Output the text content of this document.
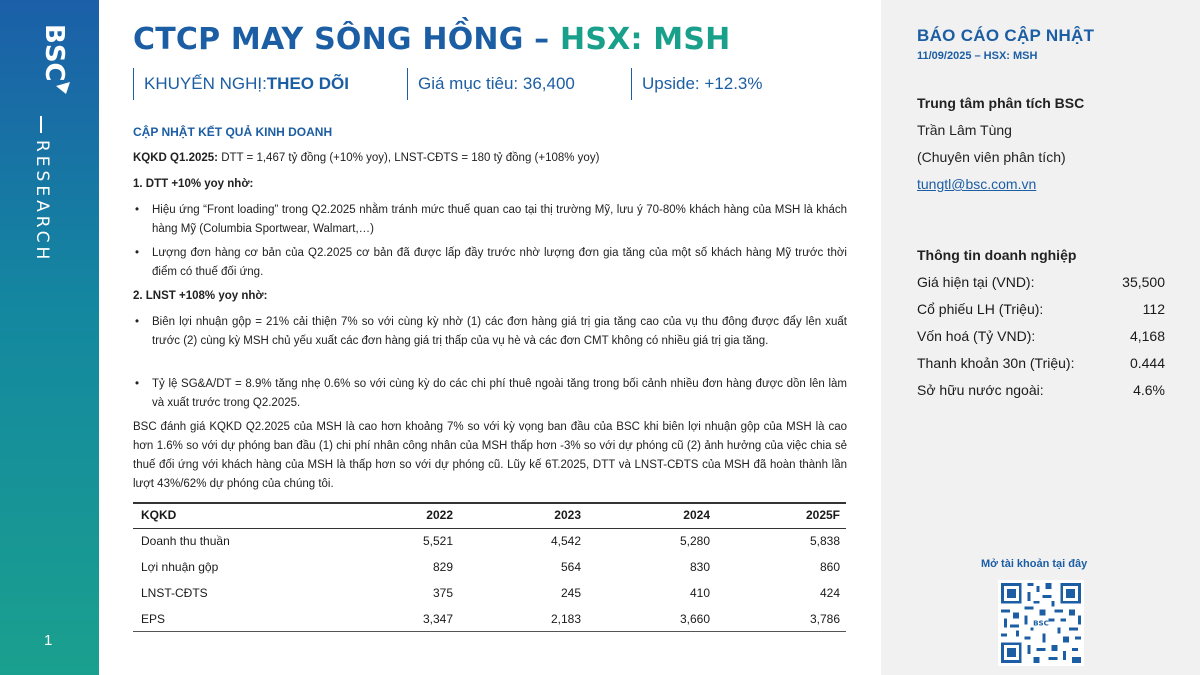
BSC
RESEARCH
1
CTCP MAY SÔNG HỒNG – HSX: MSH
KHUYẾN NGHỊ: THEO DÕI	Giá mục tiêu: 36,400	Upside: +12.3%
CẬP NHẬT KẾT QUẢ KINH DOANH
KQKD Q1.2025: DTT = 1,467 tỷ đồng (+10% yoy), LNST-CĐTS = 180 tỷ đồng (+108% yoy)
1. DTT +10% yoy nhờ:
• Hiệu ứng “Front loading” trong Q2.2025 nhằm tránh mức thuế quan cao tại thị trường Mỹ, lưu ý 70-80% khách hàng của MSH là khách hàng Mỹ (Columbia Sportwear, Walmart,…)
• Lượng đơn hàng cơ bản của Q2.2025 cơ bản đã được lấp đầy trước nhờ lượng đơn gia tăng của một số khách hàng Mỹ trước thời điểm có thuế đối ứng.
2. LNST +108% yoy nhờ:
• Biên lợi nhuận gộp = 21% cải thiện 7% so với cùng kỳ nhờ (1) các đơn hàng giá trị gia tăng cao của vụ thu đông được đẩy lên xuất trước (2) cùng kỳ MSH chủ yếu xuất các đơn hàng giá trị thấp của vụ hè và các đơn CMT không có nhiều giá trị gia tăng.
• Tỷ lệ SG&A/DT = 8.9% tăng nhẹ 0.6% so với cùng kỳ do các chi phí thuê ngoài tăng trong bối cảnh nhiều đơn hàng được dồn lên làm và xuất trước trong Q2.2025.
BSC đánh giá KQKD Q2.2025 của MSH là cao hơn khoảng 7% so với kỳ vọng ban đầu của BSC khi biên lợi nhuận gộp của MSH là cao hơn 1.6% so với dự phóng ban đầu (1) chi phí nhân công nhân của MSH thấp hơn -3% so với dự phóng cũ (2) ảnh hưởng của việc chia sẻ thuế đối ứng với khách hàng của MSH là thấp hơn so với dự phóng cũ. Lũy kế 6T.2025, DTT và LNST-CĐTS của MSH đã hoàn thành lần lượt 43%/62% dự phóng của chúng tôi.
KQKD	2022	2023	2024	2025F
Doanh thu thuần	5,521	4,542	5,280	5,838
Lợi nhuận gộp	829	564	830	860
LNST-CĐTS	375	245	410	424
EPS	3,347	2,183	3,660	3,786
BÁO CÁO CẬP NHẬT
11/09/2025 – HSX: MSH
Trung tâm phân tích BSC
Trần Lâm Tùng
(Chuyên viên phân tích)
tungtl@bsc.com.vn
Thông tin doanh nghiệp
Giá hiện tại (VND):	35,500
Cổ phiếu LH (Triệu):	112
Vốn hoá (Tỷ VND):	4,168
Thanh khoản 30n (Triệu):	0.444
Sở hữu nước ngoài:	4.6%
Mở tài khoản tại đây
BSC
